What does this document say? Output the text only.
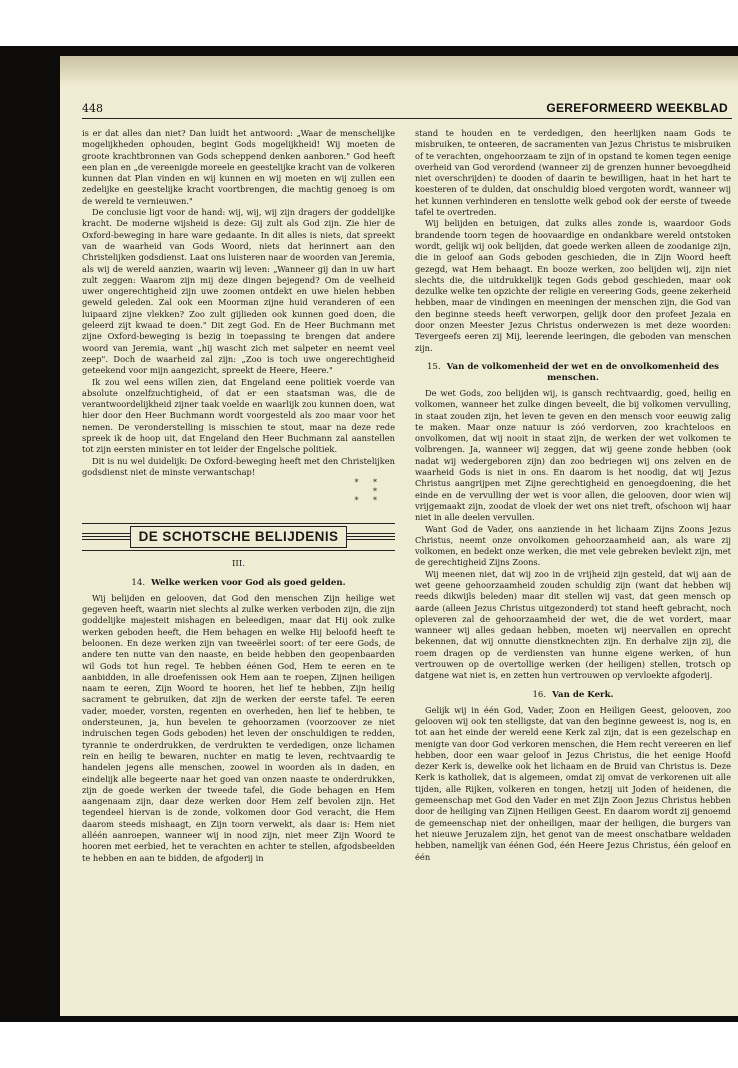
448	GEREFORMEERD WEEKBLAD

is er dat alles dan niet? Dan luidt het antwoord: „Waar de menschelijke mogelijkheden ophouden, begint Gods mogelijkheid! Wij moeten de groote krachtbronnen van Gods scheppend denken aanboren." God heeft een plan en „de vereenigde moreele en geestelijke kracht van de volkeren kunnen dat Plan vinden en wij kunnen en wij moeten en wij zullen een zedelijke en geestelijke kracht voortbrengen, die machtig genoeg is om de wereld te vernieuwen."

De conclusie ligt voor de hand: wij, wij, wij zijn dragers der goddelijke kracht. De moderne wijsheid is deze: Gij zult als God zijn. Zie hier de Oxford-beweging in hare ware gedaante. In dit alles is niets, dat spreekt van de waarheid van Gods Woord, niets dat herinnert aan den Christelijken godsdienst. Laat ons luisteren naar de woorden van Jeremia, als wij de wereld aanzien, waarin wij leven: „Wanneer gij dan in uw hart zult zeggen: Waarom zijn mij deze dingen bejegend? Om de veelheid uwer ongerechtigheid zijn uwe zoomen ontdekt en uwe hielen hebben geweld geleden. Zal ook een Moorman zijne huid veranderen of een luipaard zijne vlekken? Zoo zult gijlieden ook kunnen goed doen, die geleerd zijt kwaad te doen." Dit zegt God. En de Heer Buchmann met zijne Oxford-beweging is bezig in toepassing te brengen dat andere woord van Jeremia, want „hij wascht zich met salpeter en neemt veel zeep". Doch de waarheid zal zijn: „Zoo is toch uwe ongerechtigheid geteekend voor mijn aangezicht, spreekt de Heere, Heere."

Ik zou wel eens willen zien, dat Engeland eene politiek voerde van absolute onzelfzuchtigheid, of dat er een staatsman was, die de verantwoordelijkheid zijner taak voelde en waarlijk zou kunnen doen, wat hier door den Heer Buchmann wordt voorgesteld als zoo maar voor het nemen. De veronderstelling is misschien te stout, maar na deze rede spreek ik de hoop uit, dat Engeland den Heer Buchmann zal aanstellen tot zijn eersten minister en tot leider der Engelsche politiek.

Dit is nu wel duidelijk: De Oxford-beweging heeft met den Christelijken godsdienst niet de minste verwantschap!

* *
*
* *
DE SCHOTSCHE BELIJDENIS
III.
14. Welke werken voor God als goed gelden.

Wij belijden en gelooven, dat God den menschen Zijn heilige wet gegeven heeft, waarin niet slechts al zulke werken verboden zijn, die zijn goddelijke majesteit mishagen en beleedigen, maar dat Hij ook zulke werken geboden heeft, die Hem behagen en welke Hij beloofd heeft te beloonen. En deze werken zijn van tweeërlei soort: of ter eere Gods, de andere ten nutte van den naaste, en beide hebben den geopenbaarden wil Gods tot hun regel. Te hebben éénen God, Hem te eeren en te aanbidden, in alle droefenissen ook Hem aan te roepen, Zijnen heiligen naam te eeren, Zijn Woord te hooren, het lief te hebben, Zijn heilig sacrament te gebruiken, dat zijn de werken der eerste tafel. Te eeren vader, moeder, vorsten, regenten en overheden, hen lief te hebben, te ondersteunen, ja, hun bevelen te gehoorzamen (voorzoover ze niet indruischen tegen Gods geboden) het leven der onschuldigen te redden, tyrannie te onderdrukken, de verdrukten te verdedigen, onze lichamen rein en heilig te bewaren, nuchter en matig te leven, rechtvaardig te handelen jegens alle menschen, zoowel in woorden als in daden, en eindelijk alle begeerte naar het goed van onzen naaste te onderdrukken, zijn de goede werken der tweede tafel, die Gode behagen en Hem aangenaam zijn, daar deze werken door Hem zelf bevolen zijn. Het tegendeel hiervan is de zonde, volkomen door God veracht, die Hem daarom steeds mishaagt, en Zijn toorn verwekt, als daar is: Hem niet alléén aanroepen, wanneer wij in nood zijn, niet meer Zijn Woord te hooren met eerbied, het te verachten en achter te stellen, afgodsbeelden te hebben en aan te bidden, de afgoderij in

stand te houden en te verdedigen, den heerlijken naam Gods te misbruiken, te onteeren, de sacramenten van Jezus Christus te misbruiken of te verachten, ongehoorzaam te zijn of in opstand te komen tegen eenige overheid van God verordend (wanneer zij de grenzen hunner bevoegdheid niet overschrijden) te dooden of daarin te bewilligen, haat in het hart te koesteren of te dulden, dat onschuldig bloed vergoten wordt, wanneer wij het kunnen verhinderen en tenslotte welk gebod ook der eerste of tweede tafel te overtreden.

Wij belijden en betuigen, dat zulks alles zonde is, waardoor Gods brandende toorn tegen de hoovaardige en ondankbare wereld ontstoken wordt, gelijk wij ook belijden, dat goede werken alleen de zoodanige zijn, die in geloof aan Gods geboden geschieden, die in Zijn Woord heeft gezegd, wat Hem behaagt. En booze werken, zoo belijden wij, zijn niet slechts die, die uitdrukkelijk tegen Gods gebod geschieden, maar ook dezulke welke ten opzichte der religie en vereering Gods, geene zekerheid hebben, maar de vindingen en meeningen der menschen zijn, die God van den beginne steeds heeft verworpen, gelijk door den profeet Jezaia en door onzen Meester Jezus Christus onderwezen is met deze woorden: Tevergeefs eeren zij Mij, leerende leeringen, die geboden van menschen zijn.

15. Van de volkomenheid der wet en de onvolkomenheid des menschen.

De wet Gods, zoo belijden wij, is gansch rechtvaardig, goed, heilig en volkomen, wanneer het zulke dingen beveelt, die bij volkomen vervulling, in staat zouden zijn, het leven te geven en den mensch voor eeuwig zalig te maken. Maar onze natuur is zóó verdorven, zoo krachteloos en onvolkomen, dat wij nooit in staat zijn, de werken der wet volkomen te volbrengen. Ja, wanneer wij zeggen, dat wij geene zonde hebben (ook nadat wij wedergeboren zijn) dan zoo bedriegen wij ons zelven en de waarheid Gods is niet in ons. En daarom is het noodig, dat wij Jezus Christus aangrijpen met Zijne gerechtigheid en genoegdoening, die het einde en de vervulling der wet is voor allen, die gelooven, door wien wij vrijgemaakt zijn, zoodat de vloek der wet ons niet treft, ofschoon wij haar niet in alle deelen vervullen.

Want God de Vader, ons aanziende in het lichaam Zijns Zoons Jezus Christus, neemt onze onvolkomen gehoorzaamheid aan, als ware zij volkomen, en bedekt onze werken, die met vele gebreken bevlekt zijn, met de gerechtigheid Zijns Zoons.

Wij meenen niet, dat wij zoo in de vrijheid zijn gesteld, dat wij aan de wet geene gehoorzaamheid zouden schuldig zijn (want dat hebben wij reeds dikwijls beleden) maar dit stellen wij vast, dat geen mensch op aarde (alleen Jezus Christus uitgezonderd) tot stand heeft gebracht, noch opleveren zal de gehoorzaamheid der wet, die de wet vordert, maar wanneer wij alles gedaan hebben, moeten wij neervallen en oprecht bekennen, dat wij onnutte dienstknechten zijn. En derhalve zijn zij, die roem dragen op de verdiensten van hunne eigene werken, of hun vertrouwen op de overtollige werken (der heiligen) stellen, trotsch op datgene wat niet is, en zetten hun vertrouwen op vervloekte afgoderij.

16. Van de Kerk.

Gelijk wij in één God, Vader, Zoon en Heiligen Geest, gelooven, zoo gelooven wij ook ten stelligste, dat van den beginne geweest is, nog is, en tot aan het einde der wereld eene Kerk zal zijn, dat is een gezelschap en menigte van door God verkoren menschen, die Hem recht vereeren en lief hebben, door een waar geloof in Jezus Christus, die het eenige Hoofd dezer Kerk is, dewelke ook het lichaam en de Bruid van Christus is. Deze Kerk is katholiek, dat is algemeen, omdat zij omvat de verkorenen uit alle tijden, alle Rijken, volkeren en tongen, hetzij uit Joden of heidenen, die gemeenschap met God den Vader en met Zijn Zoon Jezus Christus hebben door de heiliging van Zijnen Heiligen Geest. En daarom wordt zij genoemd de gemeenschap niet der onheiligen, maar der heiligen, die burgers van het nieuwe Jeruzalem zijn, het genot van de meest onschatbare weldaden hebben, namelijk van éénen God, één Heere Jezus Christus, één geloof en één
